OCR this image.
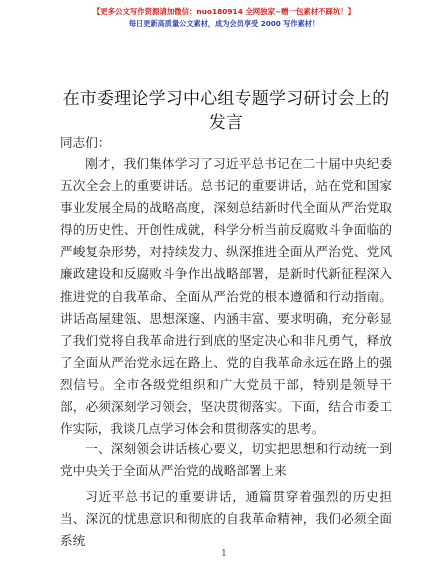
【更多公文写作资源请加微信：nuo180914 全网独家~赠一包素材不踩坑！】
每日更新高质量公文素材，成为会员享受 2000 写作素材！
在市委理论学习中心组专题学习研讨会上的发言
同志们：
刚才，我们集体学习了习近平总书记在二十届中央纪委五次全会上的重要讲话。总书记的重要讲话，站在党和国家事业发展全局的战略高度，深刻总结新时代全面从严治党取得的历史性、开创性成就，科学分析当前反腐败斗争面临的严峻复杂形势，对持续发力、纵深推进全面从严治党、党风廉政建设和反腐败斗争作出战略部署，是新时代新征程深入推进党的自我革命、全面从严治党的根本遵循和行动指南。讲话高屋建瓴、思想深邃、内涵丰富、要求明确，充分彰显了我们党将自我革命进行到底的坚定决心和非凡勇气，释放了全面从严治党永远在路上、党的自我革命永远在路上的强烈信号。全市各级党组织和广大党员干部，特别是领导干部，必须深刻学习领会，坚决贯彻落实。下面，结合市委工作实际，我谈几点学习体会和贯彻落实的思考。
一、深刻领会讲话核心要义，切实把思想和行动统一到党中央关于全面从严治党的战略部署上来
习近平总书记的重要讲话，通篇贯穿着强烈的历史担当、深沉的忧患意识和彻底的自我革命精神，我们必须全面系统
1
